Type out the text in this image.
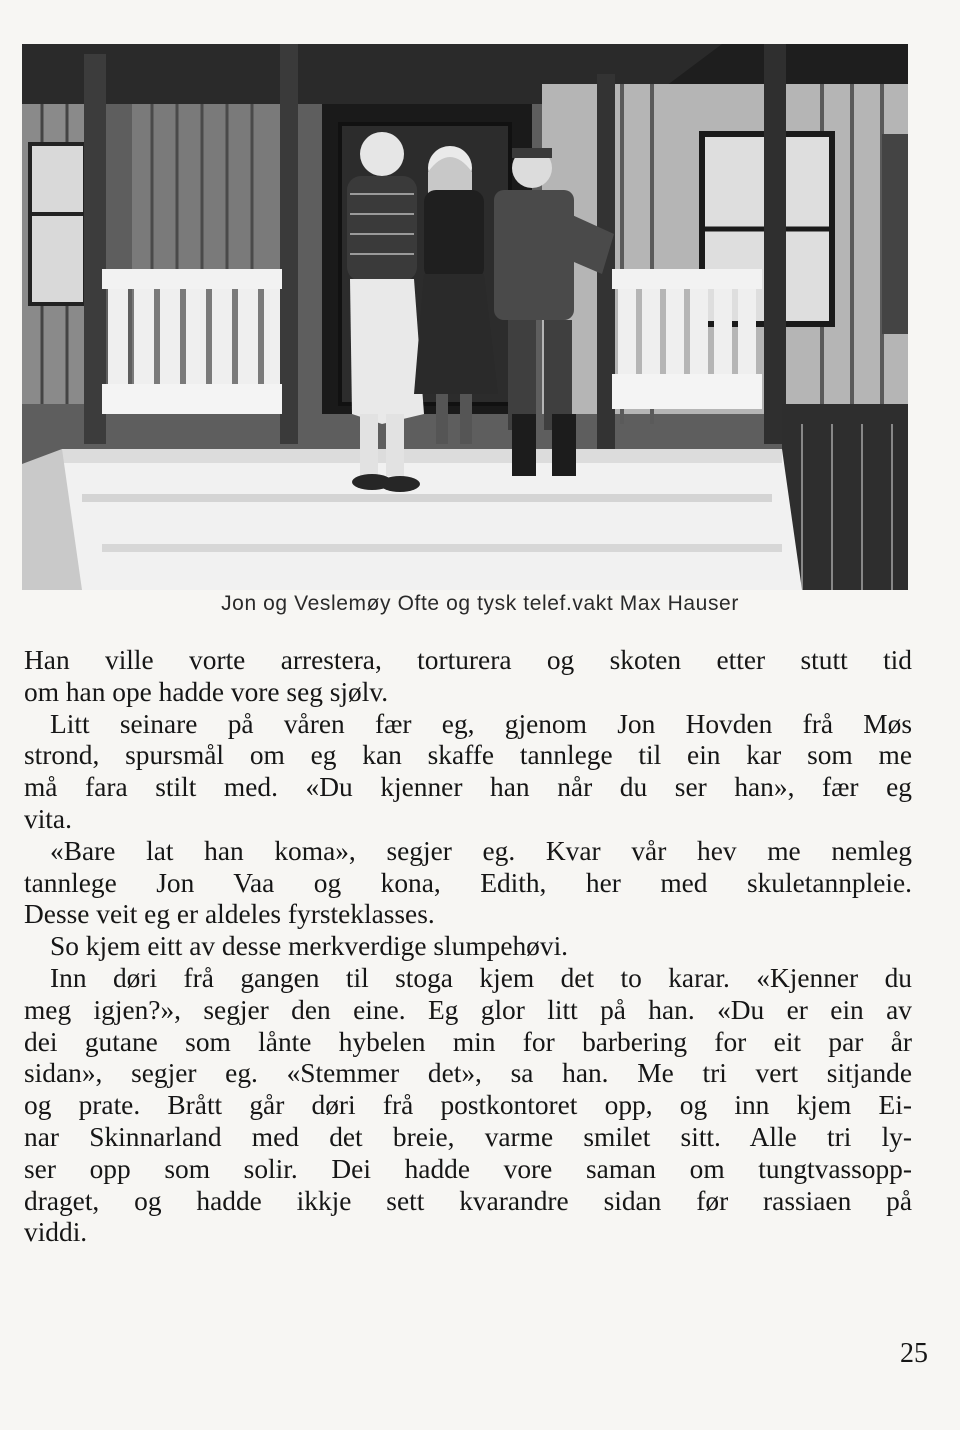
Jon og Veslemøy Ofte og tysk telef.vakt Max Hauser
Han ville vorte arrestera, torturera og skoten etter stutt tid
om han ope hadde vore seg sjølv.
Litt seinare på våren fær eg, gjenom Jon Hovden frå Møs
strond, spursmål om eg kan skaffe tannlege til ein kar som me
må fara stilt med. «Du kjenner han når du ser han», fær eg
vita.
«Bare lat han koma», segjer eg. Kvar vår hev me nemleg
tannlege Jon Vaa og kona, Edith, her med skuletannpleie.
Desse veit eg er aldeles fyrsteklasses.
So kjem eitt av desse merkverdige slumpehøvi.
Inn døri frå gangen til stoga kjem det to karar. «Kjenner du
meg igjen?», segjer den eine. Eg glor litt på han. «Du er ein av
dei gutane som lånte hybelen min for barbering for eit par år
sidan», segjer eg. «Stemmer det», sa han. Me tri vert sitjande
og prate. Brått går døri frå postkontoret opp, og inn kjem Ei-
nar Skinnarland med det breie, varme smilet sitt. Alle tri ly-
ser opp som solir. Dei hadde vore saman om tungtvassopp-
draget, og hadde ikkje sett kvarandre sidan før rassiaen på
viddi.
25
